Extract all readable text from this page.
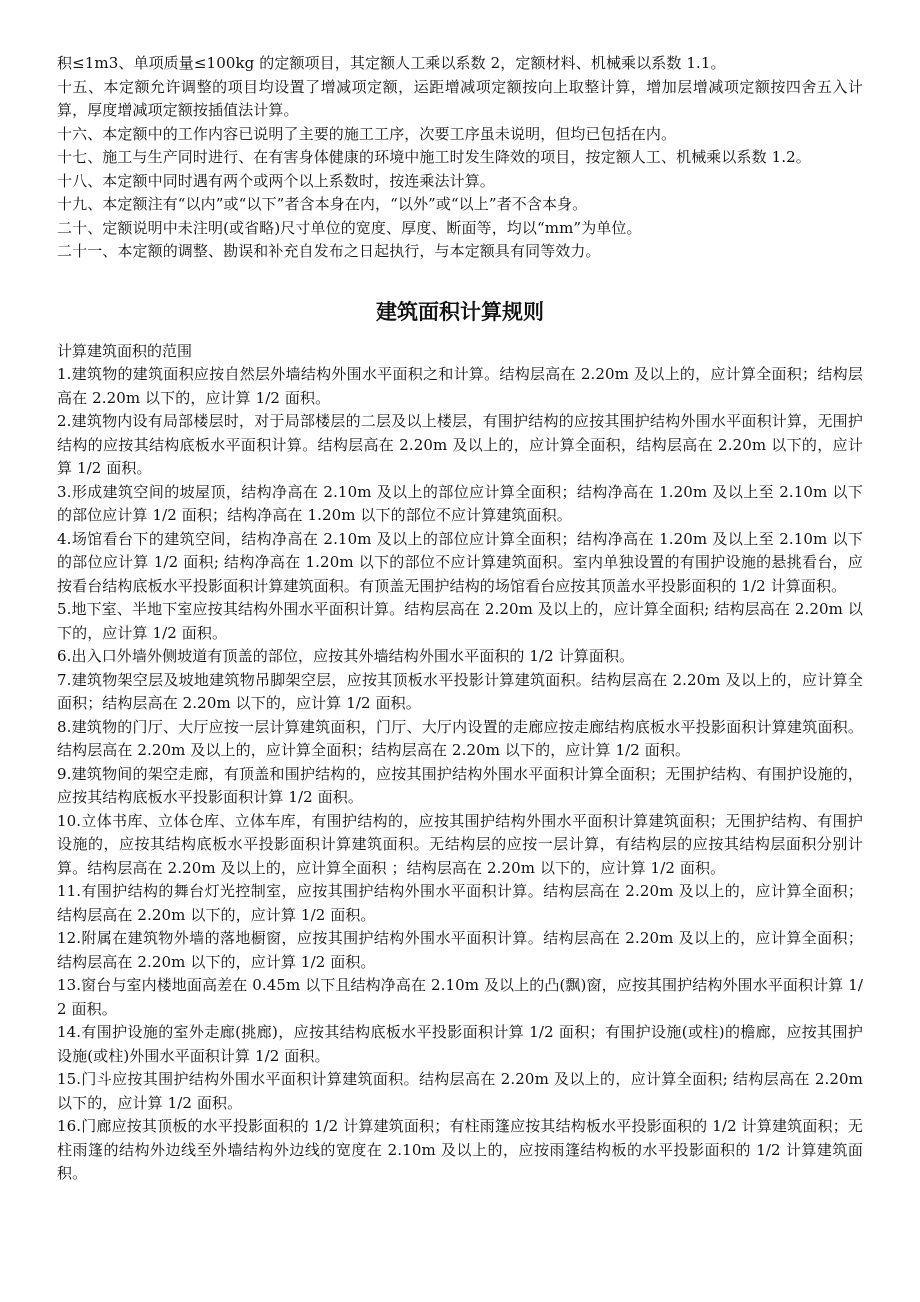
积≤1m3、单项质量≤100kg 的定额项目，其定额人工乘以系数 2，定额材料、机械乘以系数 1.1。

十五、本定额允许调整的项目均设置了增减项定额，运距增减项定额按向上取整计算，增加层增减项定额按四舍五入计算，厚度增减项定额按插值法计算。

十六、本定额中的工作内容已说明了主要的施工工序，次要工序虽未说明，但均已包括在内。

十七、施工与生产同时进行、在有害身体健康的环境中施工时发生降效的项目，按定额人工、机械乘以系数 1.2。

十八、本定额中同时遇有两个或两个以上系数时，按连乘法计算。

十九、本定额注有“以内”或“以下”者含本身在内，“以外”或“以上”者不含本身。

二十、定额说明中未注明(或省略)尺寸单位的宽度、厚度、断面等，均以“mm”为单位。

二十一、本定额的调整、勘误和补充自发布之日起执行，与本定额具有同等效力。

建筑面积计算规则

计算建筑面积的范围

1.建筑物的建筑面积应按自然层外墙结构外围水平面积之和计算。结构层高在 2.20m 及以上的，应计算全面积；结构层高在 2.20m 以下的，应计算 1/2 面积。

2.建筑物内设有局部楼层时，对于局部楼层的二层及以上楼层，有围护结构的应按其围护结构外围水平面积计算，无围护结构的应按其结构底板水平面积计算。结构层高在 2.20m 及以上的，应计算全面积，结构层高在 2.20m 以下的，应计算 1/2 面积。

3.形成建筑空间的坡屋顶，结构净高在 2.10m 及以上的部位应计算全面积；结构净高在 1.20m 及以上至 2.10m 以下的部位应计算 1/2 面积；结构净高在 1.20m 以下的部位不应计算建筑面积。

4.场馆看台下的建筑空间，结构净高在 2.10m 及以上的部位应计算全面积；结构净高在 1.20m 及以上至 2.10m 以下的部位应计算 1/2 面积; 结构净高在 1.20m 以下的部位不应计算建筑面积。室内单独设置的有围护设施的悬挑看台，应按看台结构底板水平投影面积计算建筑面积。有顶盖无围护结构的场馆看台应按其顶盖水平投影面积的 1/2 计算面积。

5.地下室、半地下室应按其结构外围水平面积计算。结构层高在 2.20m 及以上的，应计算全面积; 结构层高在 2.20m 以下的，应计算 1/2 面积。

6.出入口外墙外侧坡道有顶盖的部位，应按其外墙结构外围水平面积的 1/2 计算面积。

7.建筑物架空层及坡地建筑物吊脚架空层，应按其顶板水平投影计算建筑面积。结构层高在 2.20m 及以上的，应计算全面积；结构层高在 2.20m 以下的，应计算 1/2 面积。

8.建筑物的门厅、大厅应按一层计算建筑面积，门厅、大厅内设置的走廊应按走廊结构底板水平投影面积计算建筑面积。结构层高在 2.20m 及以上的，应计算全面积；结构层高在 2.20m 以下的，应计算 1/2 面积。

9.建筑物间的架空走廊，有顶盖和围护结构的，应按其围护结构外围水平面积计算全面积；无围护结构、有围护设施的，应按其结构底板水平投影面积计算 1/2 面积。

10.立体书库、立体仓库、立体车库，有围护结构的，应按其围护结构外围水平面积计算建筑面积；无围护结构、有围护设施的，应按其结构底板水平投影面积计算建筑面积。无结构层的应按一层计算，有结构层的应按其结构层面积分别计算。结构层高在 2.20m 及以上的，应计算全面积 ；结构层高在 2.20m 以下的，应计算 1/2 面积。

11.有围护结构的舞台灯光控制室，应按其围护结构外围水平面积计算。结构层高在 2.20m 及以上的，应计算全面积；结构层高在 2.20m 以下的，应计算 1/2 面积。

12.附属在建筑物外墙的落地橱窗，应按其围护结构外围水平面积计算。结构层高在 2.20m 及以上的，应计算全面积；结构层高在 2.20m 以下的，应计算 1/2 面积。

13.窗台与室内楼地面高差在 0.45m 以下且结构净高在 2.10m 及以上的凸(飘)窗，应按其围护结构外围水平面积计算 1/2 面积。

14.有围护设施的室外走廊(挑廊)，应按其结构底板水平投影面积计算 1/2 面积；有围护设施(或柱)的檐廊，应按其围护设施(或柱)外围水平面积计算 1/2 面积。

15.门斗应按其围护结构外围水平面积计算建筑面积。结构层高在 2.20m 及以上的，应计算全面积; 结构层高在 2.20m 以下的，应计算 1/2 面积。

16.门廊应按其顶板的水平投影面积的 1/2 计算建筑面积；有柱雨篷应按其结构板水平投影面积的 1/2 计算建筑面积；无柱雨篷的结构外边线至外墙结构外边线的宽度在 2.10m 及以上的，应按雨篷结构板的水平投影面积的 1/2 计算建筑面积。
